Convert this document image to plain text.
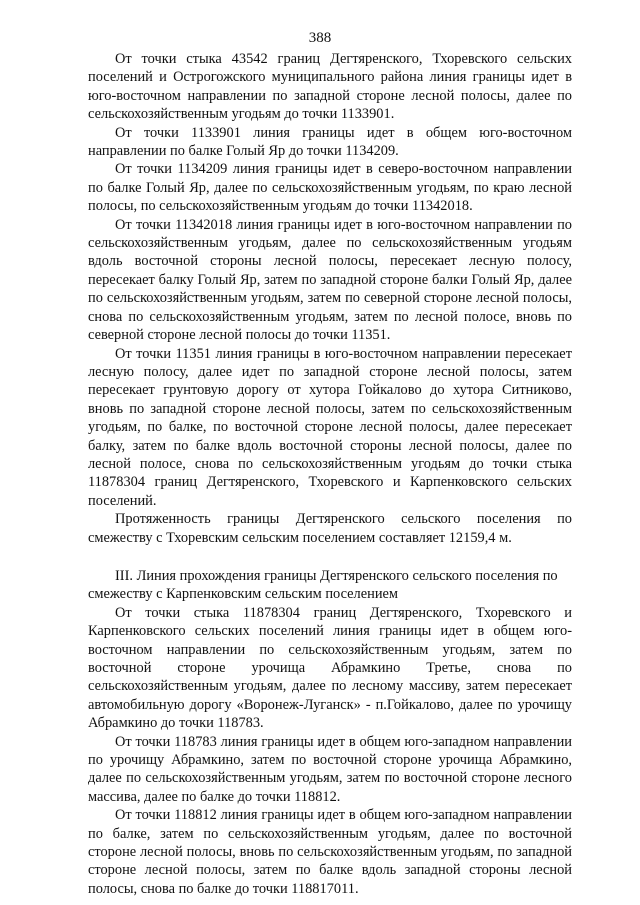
388

От точки стыка 43542 границ Дегтяренского, Тхоревского сельских поселений и Острогожского муниципального района линия границы идет в юго-восточном направлении по западной стороне лесной полосы, далее по сельскохозяйственным угодьям до точки 1133901.

От точки 1133901 линия границы идет в общем юго-восточном направлении по балке Голый Яр до точки 1134209.

От точки 1134209 линия границы идет в северо-восточном направлении по балке Голый Яр, далее по сельскохозяйственным угодьям, по краю лесной полосы, по сельскохозяйственным угодьям до точки 11342018.

От точки 11342018 линия границы идет в юго-восточном направлении по сельскохозяйственным угодьям, далее по сельскохозяйственным угодьям вдоль восточной стороны лесной полосы, пересекает лесную полосу, пересекает балку Голый Яр, затем по западной стороне балки Голый Яр, далее по сельскохозяйственным угодьям, затем по северной стороне лесной полосы, снова по сельскохозяйственным угодьям, затем по лесной полосе, вновь по северной стороне лесной полосы до точки 11351.

От точки 11351 линия границы в юго-восточном направлении пересекает лесную полосу, далее идет по западной стороне лесной полосы, затем пересекает грунтовую дорогу от хутора Гойкалово до хутора Ситниково, вновь по западной стороне лесной полосы, затем по сельскохозяйственным угодьям, по балке, по восточной стороне лесной полосы, далее пересекает балку, затем по балке вдоль восточной стороны лесной полосы, далее по лесной полосе, снова по сельскохозяйственным угодьям до точки стыка 11878304 границ Дегтяренского, Тхоревского и Карпенковского сельских поселений.

Протяженность границы Дегтяренского сельского поселения по смежеству с Тхоревским сельским поселением составляет 12159,4 м.

III. Линия прохождения границы Дегтяренского сельского поселения по смежеству с Карпенковским сельским поселением

От точки стыка 11878304 границ Дегтяренского, Тхоревского и Карпенковского сельских поселений линия границы идет в общем юго-восточном направлении по сельскохозяйственным угодьям, затем по восточной стороне урочища Абрамкино Третье, снова по сельскохозяйственным угодьям, далее по лесному массиву, затем пересекает автомобильную дорогу «Воронеж-Луганск» - п.Гойкалово, далее по урочищу Абрамкино до точки 118783.

От точки 118783 линия границы идет в общем юго-западном направлении по урочищу Абрамкино, затем по восточной стороне урочища Абрамкино, далее по сельскохозяйственным угодьям, затем по восточной стороне лесного массива, далее по балке до точки 118812.

От точки 118812 линия границы идет в общем юго-западном направлении по балке, затем по сельскохозяйственным угодьям, далее по восточной стороне лесной полосы, вновь по сельскохозяйственным угодьям, по западной стороне лесной полосы, затем по балке вдоль западной стороны лесной полосы, снова по балке до точки 118817011.
